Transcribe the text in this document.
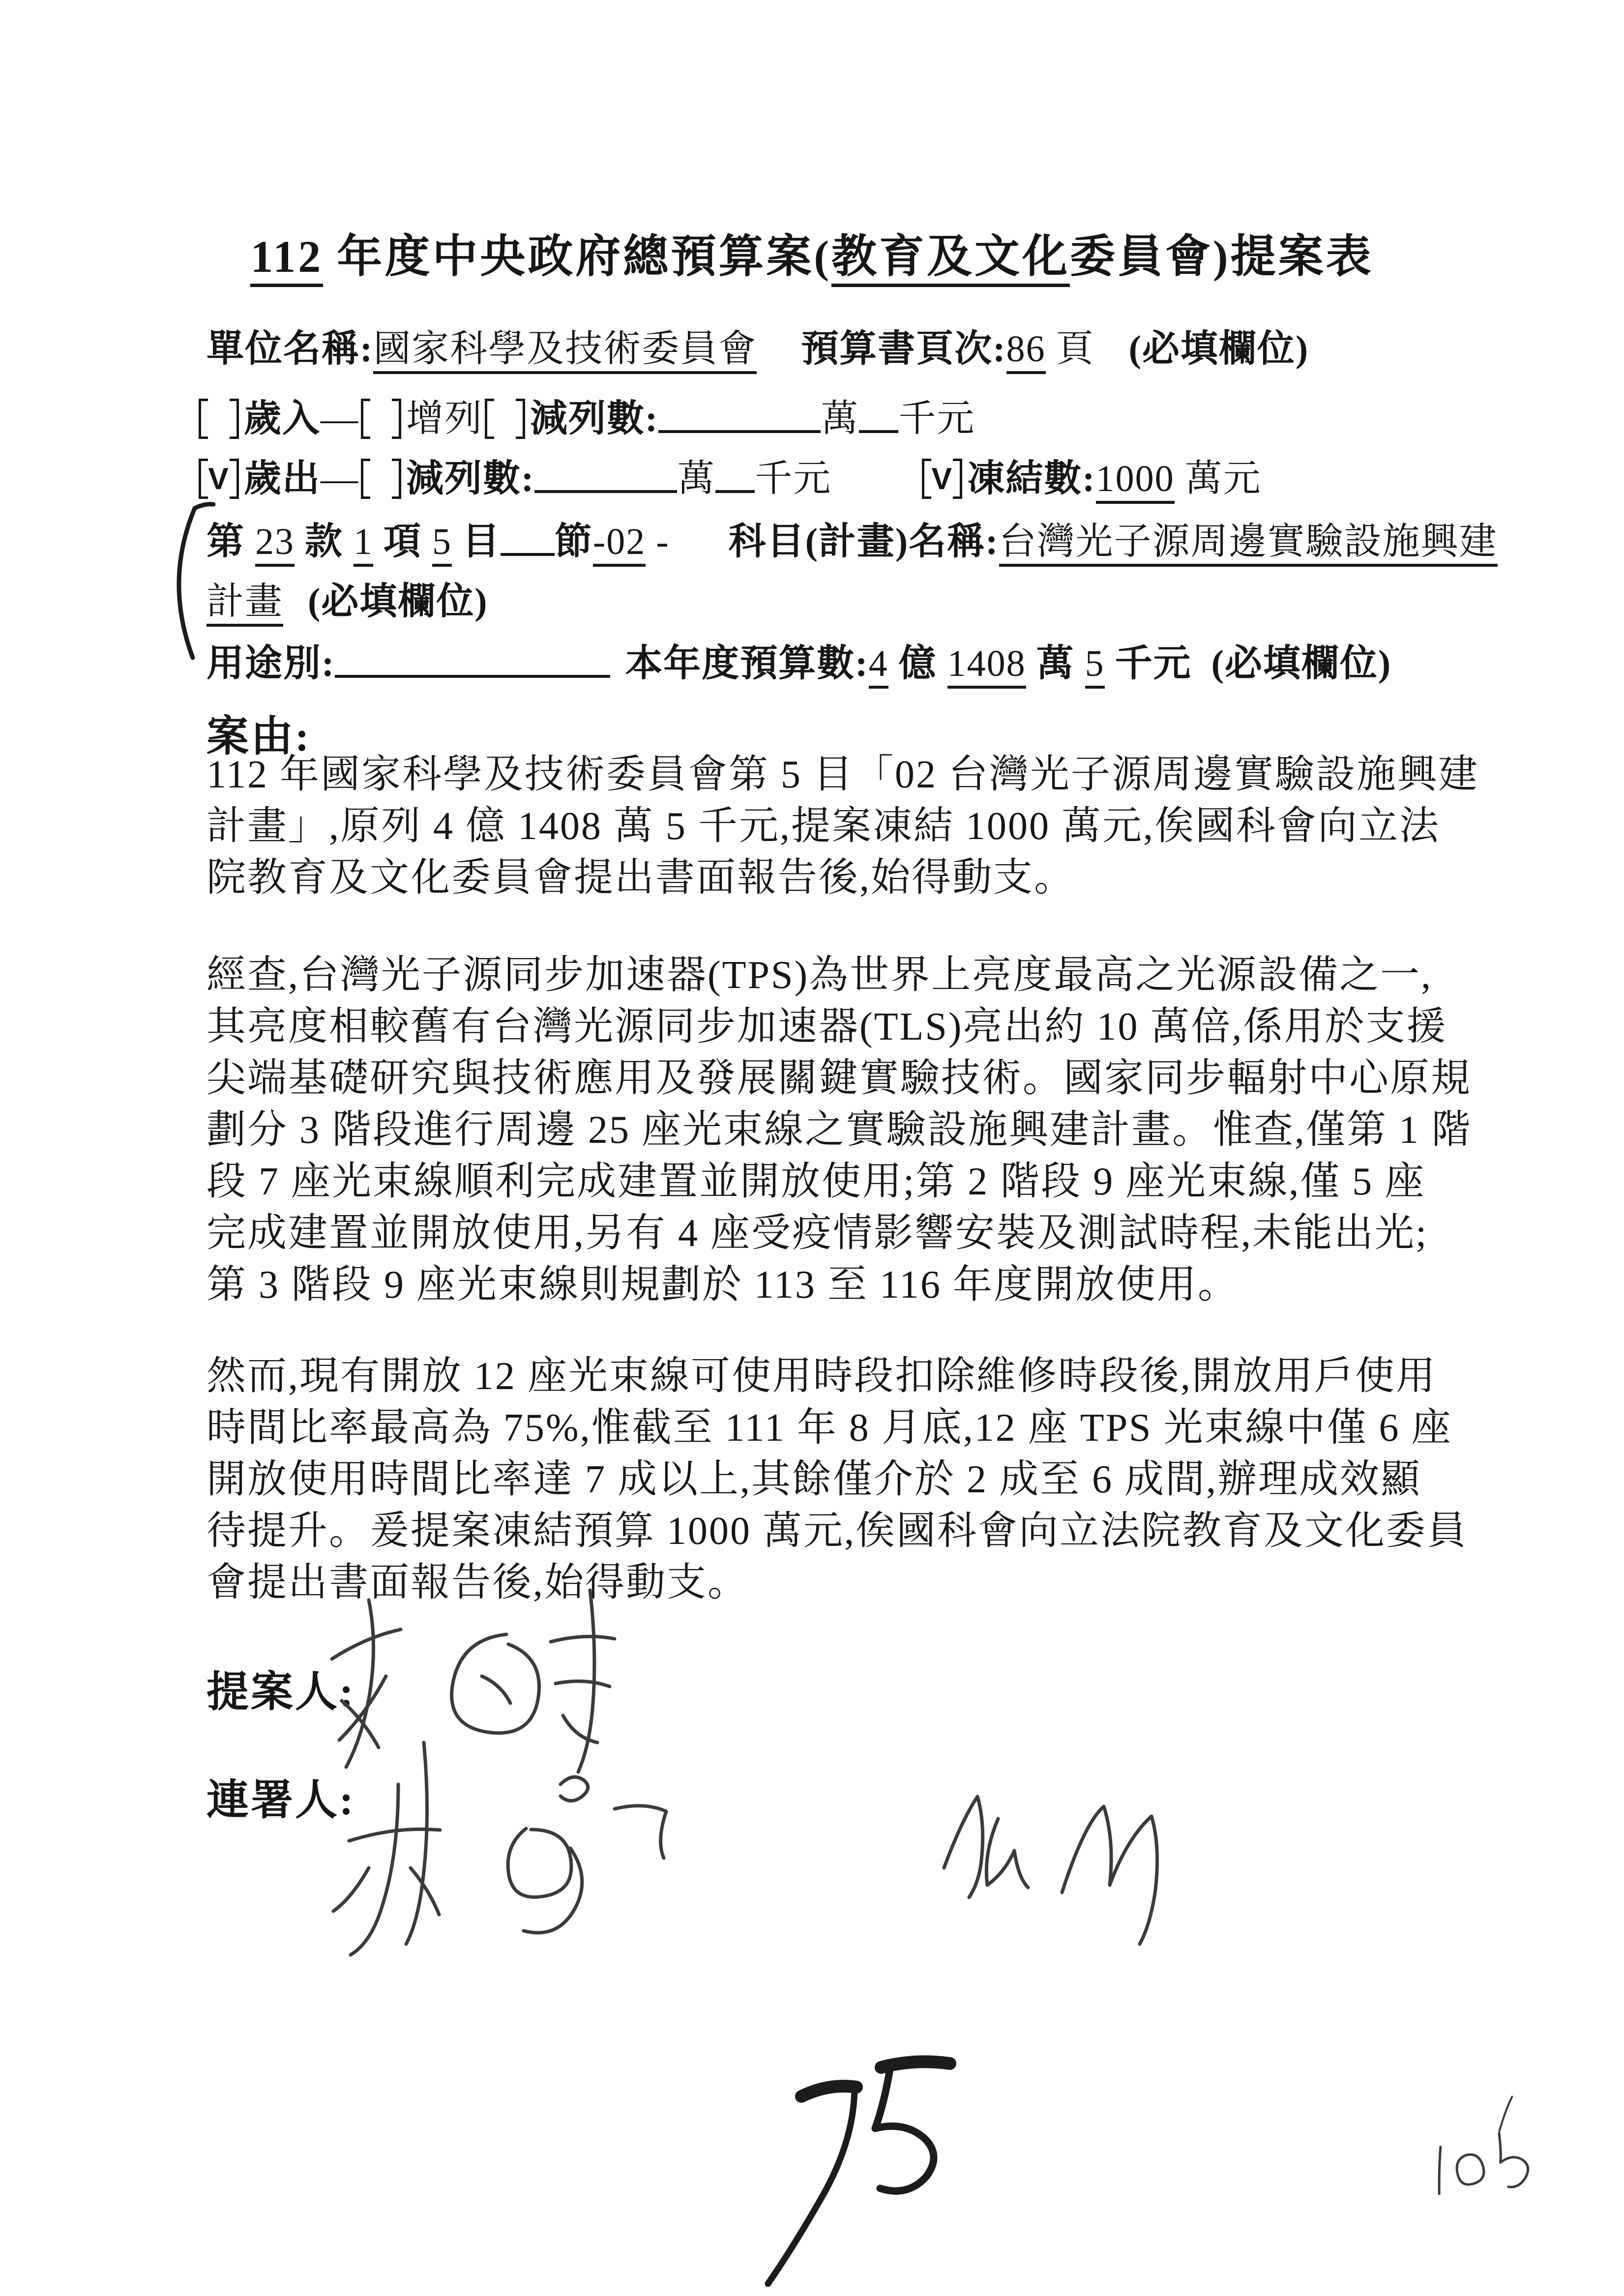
112 年度中央政府總預算案(教育及文化委員會)提案表
單位名稱:國家科學及技術委員會 預算書頁次:86 頁 (必填欄位)
歲入— 增列 減列數:	萬 千元
V 歲出— 減列數:	萬 千元	V 凍結數:1000 萬元
第 23 款 1 項 5 目 節-02 - 科目(計畫)名稱:台灣光子源周邊實驗設施興建
計畫 (必填欄位)
用途別:	本年度預算數:4 億 1408 萬 5 千元 (必填欄位)
案由:
112 年國家科學及技術委員會第 5 目「02 台灣光子源周邊實驗設施興建
計畫」,原列 4 億 1408 萬 5 千元,提案凍結 1000 萬元,俟國科會向立法
院教育及文化委員會提出書面報告後,始得動支。
經查,台灣光子源同步加速器(TPS)為世界上亮度最高之光源設備之一,
其亮度相較舊有台灣光源同步加速器(TLS)亮出約 10 萬倍,係用於支援
尖端基礎研究與技術應用及發展關鍵實驗技術。國家同步輻射中心原規
劃分 3 階段進行周邊 25 座光束線之實驗設施興建計畫。惟查,僅第 1 階
段 7 座光束線順利完成建置並開放使用;第 2 階段 9 座光束線,僅 5 座
完成建置並開放使用,另有 4 座受疫情影響安裝及測試時程,未能出光;
第 3 階段 9 座光束線則規劃於 113 至 116 年度開放使用。
然而,現有開放 12 座光束線可使用時段扣除維修時段後,開放用戶使用
時間比率最高為 75%,惟截至 111 年 8 月底,12 座 TPS 光束線中僅 6 座
開放使用時間比率達 7 成以上,其餘僅介於 2 成至 6 成間,辦理成效顯
待提升。爰提案凍結預算 1000 萬元,俟國科會向立法院教育及文化委員
會提出書面報告後,始得動支。
提案人:
連署人:
